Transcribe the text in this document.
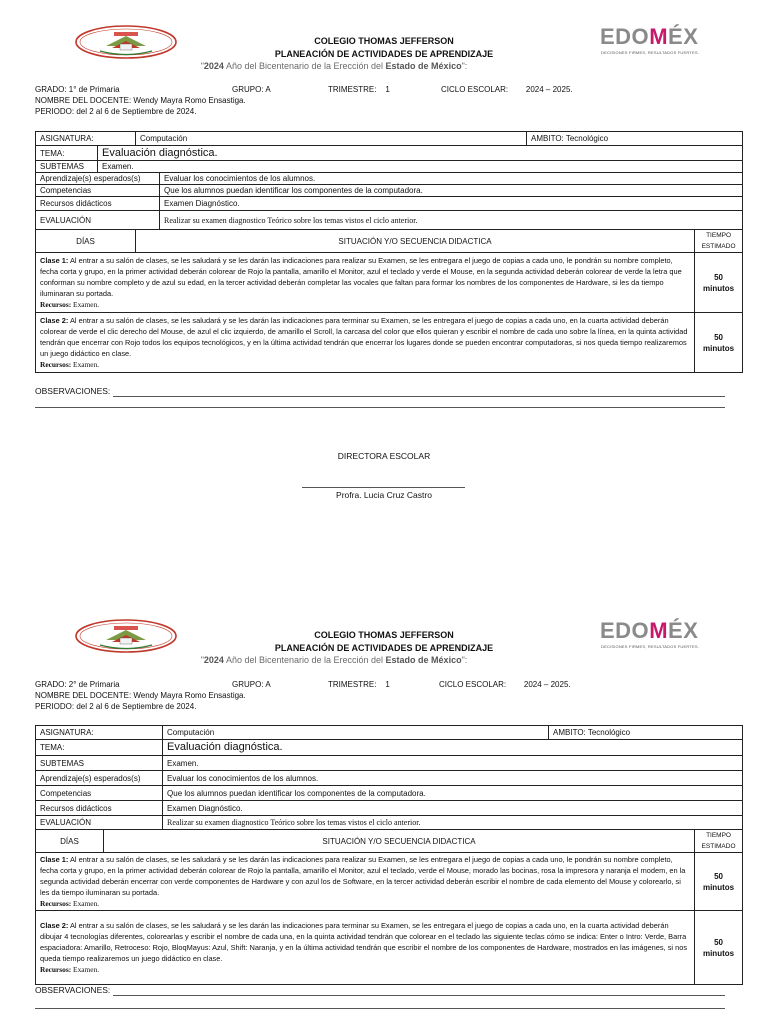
EDOMÉX
DECISIONES FIRMES, RESULTADOS FUERTES.
COLEGIO THOMAS JEFFERSON
PLANEACIÓN DE ACTIVIDADES DE APRENDIZAJE
"2024 Año del Bicentenario de la Erección del Estado de México":
GRADO: 1° de Primaria	GRUPO: A	TRIMESTRE:    1	CICLO ESCOLAR:        2024 – 2025.
NOMBRE DEL DOCENTE: Wendy Mayra Romo Ensastiga.
PERIODO: del 2 al 6 de Septiembre de 2024.
ASIGNATURA:		Computación		AMBITO: Tecnológico	
TEMA:	Evaluación diagnóstica.				
SUBTEMAS	Examen.				
Aprendizaje(s) esperados(s)			Evaluar los conocimientos de los alumnos.		
Competencias			Que los alumnos puedan identificar los componentes de la computadora.		
Recursos didácticos			Examen Diagnóstico.		
EVALUACIÓN			Realizar su examen diagnostico Teórico sobre los temas vistos el ciclo anterior.		
DÍAS		SITUACIÓN Y/O SECUENCIA DIDACTICA			TIEMPO ESTIMADO
Clase 1: Al entrar a su salón de clases, se les saludará y se les darán las indicaciones para realizar su Examen, se les entregara el juego de copias a cada uno, le pondrán su nombre completo, fecha corta y grupo, en la primer actividad deberán colorear de Rojo la pantalla, amarillo el Monitor, azul el teclado y verde el Mouse, en la segunda actividad deberán colorear de verde la letra que conforman su nombre completo y de azul su edad, en la tercer actividad deberán completar las vocales que faltan para formar los nombres de los componentes de Hardware, si les da tiempo iluminaran su portada.
Recursos: Examen.					50 minutos
Clase 2: Al entrar a su salón de clases, se les saludará y se les darán las indicaciones para terminar su Examen, se les entregara el juego de copias a cada uno, en la cuarta actividad deberán colorear de verde el clic derecho del Mouse, de azul el clic izquierdo, de amarillo el Scroll, la carcasa del color que ellos quieran y escribir el nombre de cada uno sobre la línea, en la quinta actividad tendrán que encerrar con Rojo todos los equipos tecnológicos, y en la última actividad tendrán que encerrar los lugares donde se pueden encontrar computadoras, si nos queda tiempo realizaremos un juego didáctico en clase.
Recursos: Examen.					50 minutos
OBSERVACIONES:
DIRECTORA ESCOLAR
Profra. Lucia Cruz Castro
EDOMÉX
DECISIONES FIRMES, RESULTADOS FUERTES.
COLEGIO THOMAS JEFFERSON
PLANEACIÓN DE ACTIVIDADES DE APRENDIZAJE
"2024 Año del Bicentenario de la Erección del Estado de México":
GRADO: 2° de Primaria	GRUPO: A	TRIMESTRE:    1	CICLO ESCOLAR:        2024 – 2025.
NOMBRE DEL DOCENTE: Wendy Mayra Romo Ensastiga.
PERIODO: del 2 al 6 de Septiembre de 2024.
ASIGNATURA:		Computación	AMBITO: Tecnológico	
TEMA:		Evaluación diagnóstica.		
SUBTEMAS		Examen.		
Aprendizaje(s) esperados(s)		Evaluar los conocimientos de los alumnos.		
Competencias		Que los alumnos puedan identificar los componentes de la computadora.		
Recursos didácticos		Examen Diagnóstico.		
EVALUACIÓN		Realizar su examen diagnostico Teórico sobre los temas vistos el ciclo anterior.		
DÍAS	SITUACIÓN Y/O SECUENCIA DIDACTICA			TIEMPO ESTIMADO
Clase 1: Al entrar a su salón de clases, se les saludará y se les darán las indicaciones para realizar su Examen, se les entregara el juego de copias a cada uno, le pondrán su nombre completo, fecha corta y grupo, en la primer actividad deberán colorear de Rojo la pantalla, amarillo el Monitor, azul el teclado, verde el Mouse, morado las bocinas, rosa la impresora y naranja el modem, en la segunda actividad deberán encerrar con verde componentes de Hardware y con azul los de Software, en la tercer actividad deberán escribir el nombre de cada elemento del Mouse y colorearlo, si les da tiempo iluminaran su portada.
Recursos: Examen.				50 minutos
Clase 2: Al entrar a su salón de clases, se les saludará y se les darán las indicaciones para terminar su Examen, se les entregara el juego de copias a cada uno, en la cuarta actividad deberán dibujar 4 tecnologías diferentes, colorearlas y escribir el nombre de cada una, en la quinta actividad tendrán que colorear en el teclado las siguiente teclas cómo se indica: Enter o Intro: Verde, Barra espaciadora: Amarillo, Retroceso: Rojo, BloqMayus: Azul, Shift: Naranja, y en la última actividad tendrán que escribir el nombre de los componentes de Hardware, mostrados en las imágenes, si nos queda tiempo realizaremos un juego didáctico en clase.
Recursos: Examen.				50 minutos
OBSERVACIONES:
